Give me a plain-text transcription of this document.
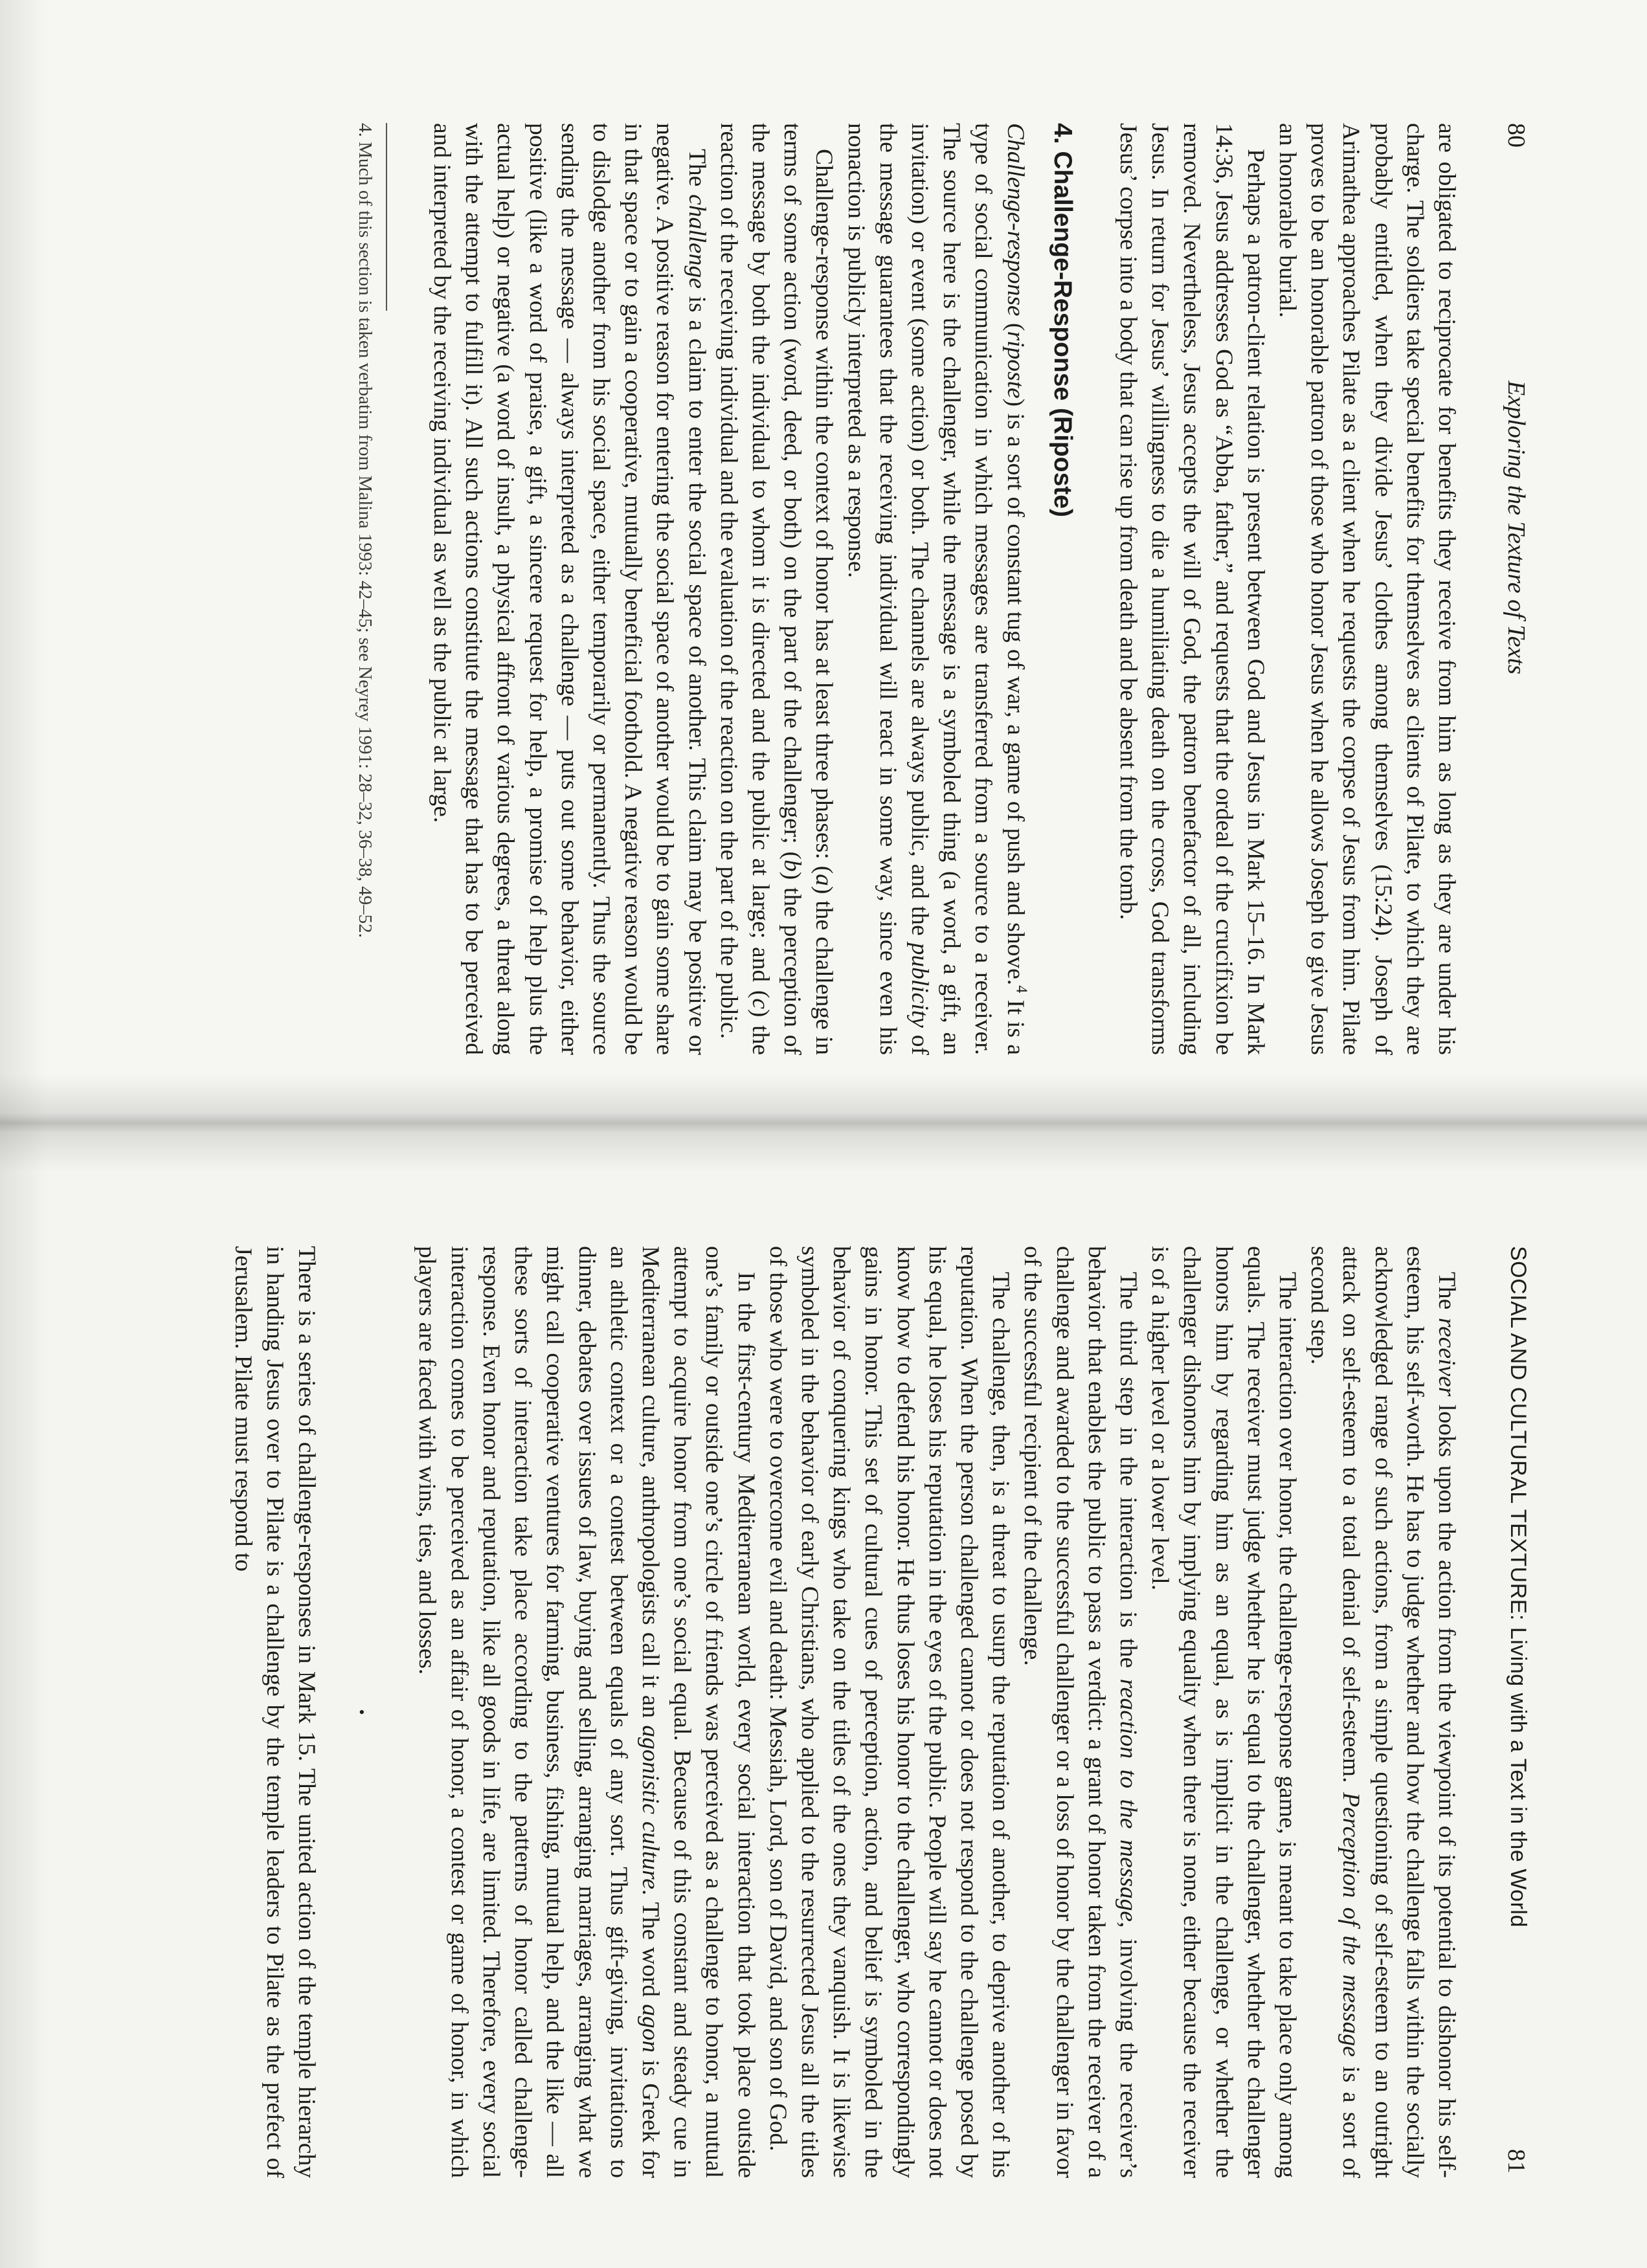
80
Exploring the Texture of Texts

are obligated to reciprocate for benefits they receive from him as long as they are under his charge. The soldiers take special benefits for themselves as clients of Pilate, to which they are probably entitled, when they divide Jesus’ clothes among themselves (15:24). Joseph of Arimathea approaches Pilate as a client when he requests the corpse of Jesus from him. Pilate proves to be an honorable patron of those who honor Jesus when he allows Joseph to give Jesus an honorable burial.

Perhaps a patron-client relation is present between God and Jesus in Mark 15–16. In Mark 14:36, Jesus addresses God as “Abba, father,” and requests that the ordeal of the crucifixion be removed. Nevertheless, Jesus accepts the will of God, the patron benefactor of all, including Jesus. In return for Jesus’ willingness to die a humiliating death on the cross, God transforms Jesus’ corpse into a body that can rise up from death and be absent from the tomb.

4. Challenge-Response (Riposte)

Challenge-response (riposte) is a sort of constant tug of war, a game of push and shove.$^4$ It is a type of social communication in which messages are transferred from a source to a receiver. The source here is the challenger, while the message is a symboled thing (a word, a gift, an invitation) or event (some action) or both. The channels are always public, and the publicity of the message guarantees that the receiving individual will react in some way, since even his nonaction is publicly interpreted as a response.

Challenge-response within the context of honor has at least three phases: (a) the challenge in terms of some action (word, deed, or both) on the part of the challenger; (b) the perception of the message by both the individual to whom it is directed and the public at large; and (c) the reaction of the receiving individual and the evaluation of the reaction on the part of the public.

The challenge is a claim to enter the social space of another. This claim may be positive or negative. A positive reason for entering the social space of another would be to gain some share in that space or to gain a cooperative, mutually beneficial foothold. A negative reason would be to dislodge another from his social space, either temporarily or permanently. Thus the source sending the message — always interpreted as a challenge — puts out some behavior, either positive (like a word of praise, a gift, a sincere request for help, a promise of help plus the actual help) or negative (a word of insult, a physical affront of various degrees, a threat along with the attempt to fulfill it). All such actions constitute the message that has to be perceived and interpreted by the receiving individual as well as the public at large.

4. Much of this section is taken verbatim from Malina 1993: 42–45; see Neyrey 1991: 28–32, 36–38, 49–52.

SOCIAL AND CULTURAL TEXTURE: Living with a Text in the World
81

The receiver looks upon the action from the viewpoint of its potential to dishonor his self-esteem, his self-worth. He has to judge whether and how the challenge falls within the socially acknowledged range of such actions, from a simple questioning of self-esteem to an outright attack on self-esteem to a total denial of self-esteem. Perception of the message is a sort of second step.

The interaction over honor, the challenge-response game, is meant to take place only among equals. The receiver must judge whether he is equal to the challenger, whether the challenger honors him by regarding him as an equal, as is implicit in the challenge, or whether the challenger dishonors him by implying equality when there is none, either because the receiver is of a higher level or a lower level.

The third step in the interaction is the reaction to the message, involving the receiver’s behavior that enables the public to pass a verdict: a grant of honor taken from the receiver of a challenge and awarded to the successful challenger or a loss of honor by the challenger in favor of the successful recipient of the challenge.

The challenge, then, is a threat to usurp the reputation of another, to deprive another of his reputation. When the person challenged cannot or does not respond to the challenge posed by his equal, he loses his reputation in the eyes of the public. People will say he cannot or does not know how to defend his honor. He thus loses his honor to the challenger, who correspondingly gains in honor. This set of cultural cues of perception, action, and belief is symboled in the behavior of conquering kings who take on the titles of the ones they vanquish. It is likewise symboled in the behavior of early Christians, who applied to the resurrected Jesus all the titles of those who were to overcome evil and death: Messiah, Lord, son of David, and son of God.

In the first-century Mediterranean world, every social interaction that took place outside one’s family or outside one’s circle of friends was perceived as a challenge to honor, a mutual attempt to acquire honor from one’s social equal. Because of this constant and steady cue in Mediterranean culture, anthropologists call it an agonistic culture. The word agon is Greek for an athletic context or a contest between equals of any sort. Thus gift-giving, invitations to dinner, debates over issues of law, buying and selling, arranging marriages, arranging what we might call cooperative ventures for farming, business, fishing, mutual help, and the like — all these sorts of interaction take place according to the patterns of honor called challenge-response. Even honor and reputation, like all goods in life, are limited. Therefore, every social interaction comes to be perceived as an affair of honor, a contest or game of honor, in which players are faced with wins, ties, and losses.

•

There is a series of challenge-responses in Mark 15. The united action of the temple hierarchy in handing Jesus over to Pilate is a challenge by the temple leaders to Pilate as the prefect of Jerusalem. Pilate must respond to
